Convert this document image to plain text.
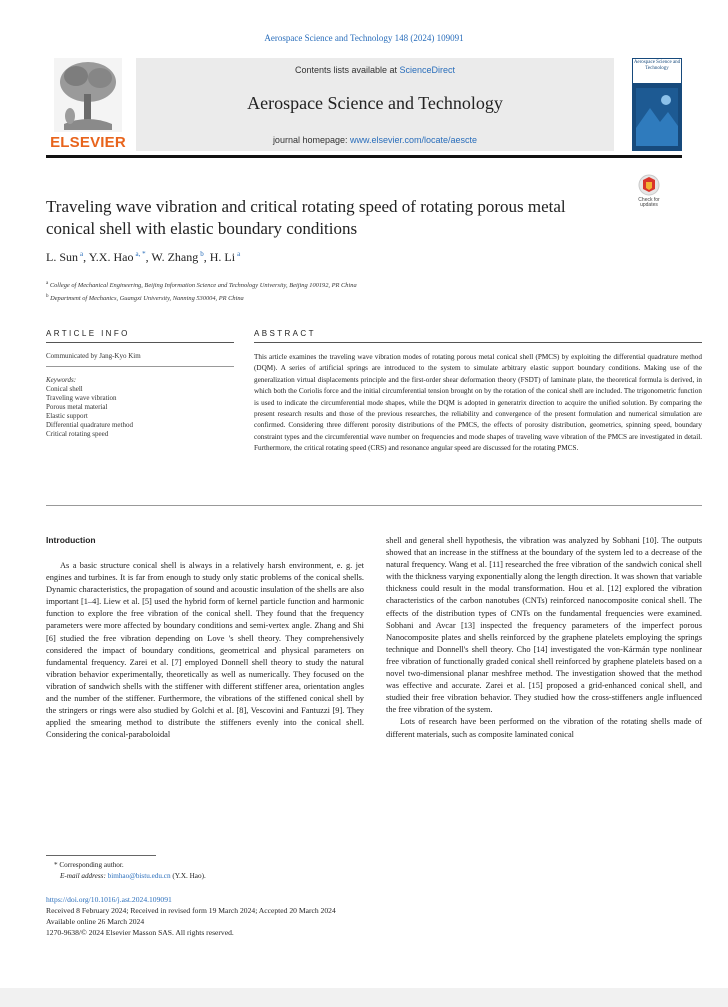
Aerospace Science and Technology 148 (2024) 109091
ELSEVIER
Contents lists available at ScienceDirect
Aerospace Science and Technology
journal homepage: www.elsevier.com/locate/aescte
Aerospace Science and Technology
Traveling wave vibration and critical rotating speed of rotating porous metal conical shell with elastic boundary conditions
Check for updates
L. Sun $^a$, Y.X. Hao $^{a, *}$, W. Zhang $^b$, H. Li $^a$
$^a$ College of Mechanical Engineering, Beijing Information Science and Technology University, Beijing 100192, PR China
$^b$ Department of Mechanics, Guangxi University, Nanning 530004, PR China
ARTICLE INFO
Communicated by Jang-Kyo Kim
Keywords:
Conical shell
Traveling wave vibration
Porous metal material
Elastic support
Differential quadrature method
Critical rotating speed
ABSTRACT
This article examines the traveling wave vibration modes of rotating porous metal conical shell (PMCS) by exploiting the differential quadrature method (DQM). A series of artificial springs are introduced to the system to simulate arbitrary elastic support boundary conditions. Making use of the generalization virtual displacements principle and the first-order shear deformation theory (FSDT) of laminate plate, the theoretical formula is derived, in which both the Coriolis force and the initial circumferential tension brought on by the rotation of the conical shell are included. The trigonometric function is used to indicate the circumferential mode shapes, while the DQM is adopted in generatrix direction to acquire the unified solution. By comparing the present research results and those of the previous researches, the reliability and convergence of the present formulation and numerical simulation are confirmed. Considering three different porosity distributions of the PMCS, the effects of porosity distribution, geometrics, spinning speed, boundary constraint types and the circumferential wave number on frequencies and mode shapes of traveling wave vibration of the PMCS are investigated in detail. Furthermore, the critical rotating speed (CRS) and resonance angular speed are discussed for the rotating PMCS.
Introduction

As a basic structure conical shell is always in a relatively harsh environment, e. g. jet engines and turbines. It is far from enough to study only static problems of the conical shells. Dynamic characteristics, the propagation of sound and acoustic insulation of the shells are also important [1–4]. Liew et al. [5] used the hybrid form of kernel particle function and harmonic function to explore the free vibration of the conical shell. They found that the frequency parameters were more affected by boundary conditions and semi-vertex angle. Zhang and Shi [6] studied the free vibration depending on Love 's shell theory. They comprehensively considered the impact of boundary conditions, geometrical and physical parameters on fundamental frequency. Zarei et al. [7] employed Donnell shell theory to study the natural vibration behavior experimentally, theoretically as well as numerically. They focused on the vibration of sandwich shells with the stiffener with different stiffener area, orientation angles and the number of the stiffener. Furthermore, the vibrations of the stiffened conical shell by the stringers or rings were also studied by Golchi et al. [8], Vescovini and Fantuzzi [9]. They applied the smearing method to distribute the stiffeners evenly into the conical shell. Considering the conical-paraboloidal

shell and general shell hypothesis, the vibration was analyzed by Sobhani [10]. The outputs showed that an increase in the stiffness at the boundary of the system led to a decrease of the natural frequency. Wang et al. [11] researched the free vibration of the sandwich conical shell with the thickness varying exponentially along the length direction. It was shown that variable thickness could result in the modal transformation. Hou et al. [12] explored the vibration characteristics of the carbon nanotubes (CNTs) reinforced nanocomposite conical shell. The effects of the distribution types of CNTs on the fundamental frequencies were examined. Sobhani and Avcar [13] inspected the frequency parameters of the imperfect porous Nanocomposite plates and shells reinforced by the graphene platelets employing the springs technique and Donnell's shell theory. Cho [14] investigated the von-Kármán type nonlinear free vibration of functionally graded conical shell reinforced by graphene platelets based on a novel two-dimensional planar meshfree method. The investigation showed that the method was effective and accurate. Zarei et al. [15] proposed a grid-enhanced conical shell, and studied their free vibration behavior. They studied how the cross-stiffeners angle influenced the free vibration of the system.

Lots of research have been performed on the vibration of the rotating shells made of different materials, such as composite laminated conical

* Corresponding author.
E-mail address: bimhao@bistu.edu.cn (Y.X. Hao).
https://doi.org/10.1016/j.ast.2024.109091
Received 8 February 2024; Received in revised form 19 March 2024; Accepted 20 March 2024
Available online 26 March 2024
1270-9638/© 2024 Elsevier Masson SAS. All rights reserved.
